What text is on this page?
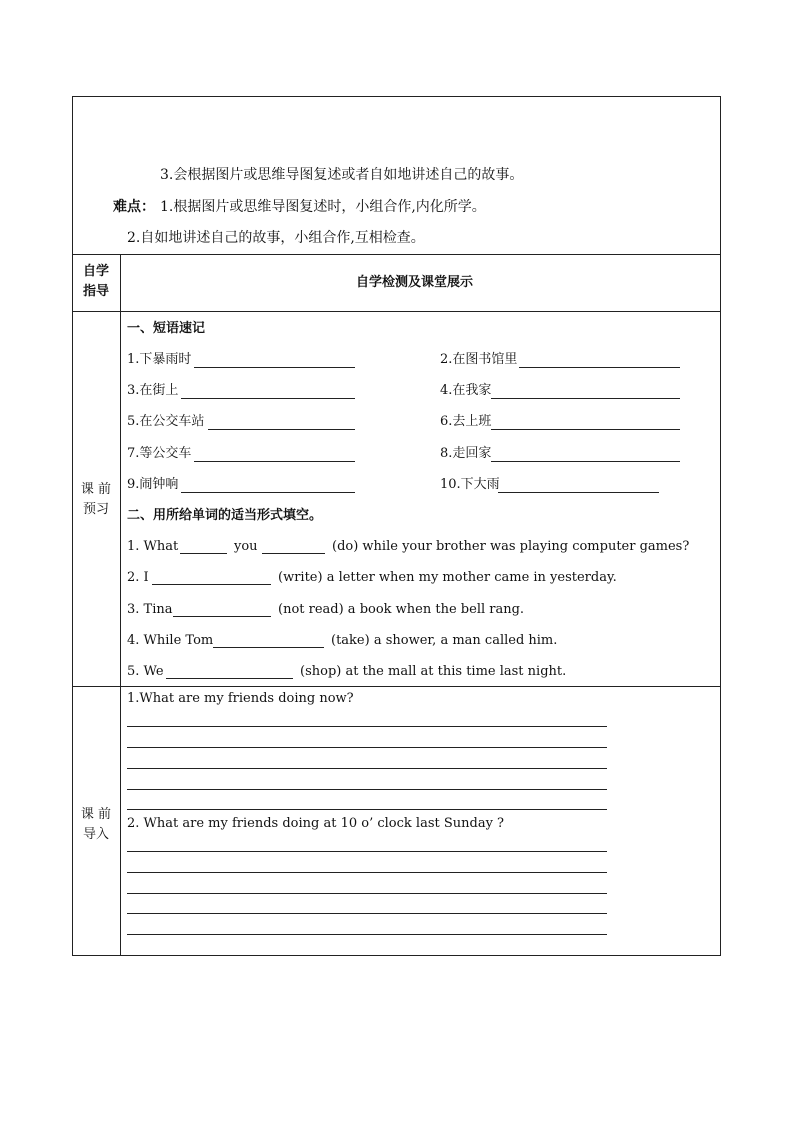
3.会根据图片或思维导图复述或者自如地讲述自己的故事。
难点： 1.根据图片或思维导图复述时，小组合作,内化所学。
2.自如地讲述自己的故事，小组合作,互相检查。
自学
指导
自学检测及课堂展示
课 前
预习
一、短语速记
1.下暴雨时	2.在图书馆里
3.在街上	4.在我家
5.在公交车站	6.去上班
7.等公交车	8.走回家
9.闹钟响	10.下大雨
二、用所给单词的适当形式填空。
1. What	you	(do) while your brother was playing computer games?
2. I	(write) a letter when my mother came in yesterday.
3. Tina	(not read) a book when the bell rang.
4. While Tom	(take) a shower, a man called him.
5. We	(shop) at the mall at this time last night.
课 前
导入
1.What are my friends doing now?
2. What are my friends doing at 10 o’ clock last Sunday ?
